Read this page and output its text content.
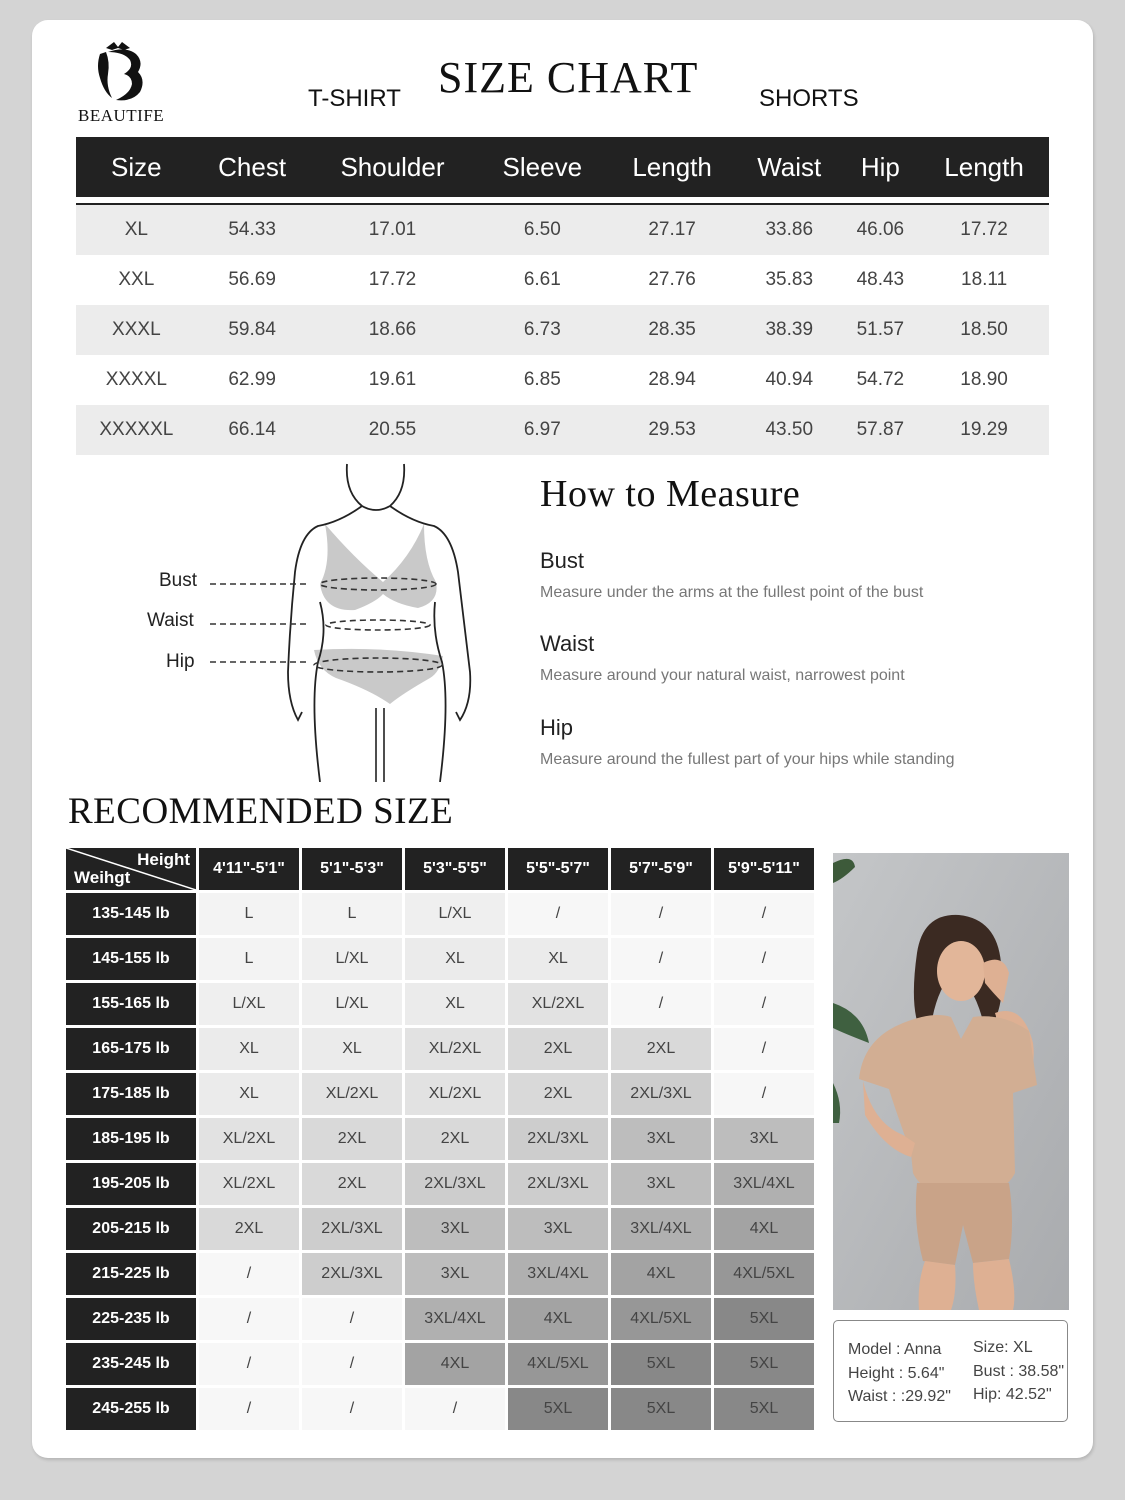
BEAUTIFE
SIZE CHART
T-SHIRT	SHORTS
Size	Chest	Shoulder	Sleeve	Length	Waist	Hip	Length

XL	54.33	17.01	6.50	27.17	33.86	46.06	17.72
XXL	56.69	17.72	6.61	27.76	35.83	48.43	18.11
XXXL	59.84	18.66	6.73	28.35	38.39	51.57	18.50
XXXXL	62.99	19.61	6.85	28.94	40.94	54.72	18.90
XXXXXL	66.14	20.55	6.97	29.53	43.50	57.87	19.29
Bust
Waist
Hip
How to Measure
Bust
Measure under the arms at the fullest point of the bust
Waist
Measure around your natural waist, narrowest point
Hip
Measure around the fullest part of your hips while standing
RECOMMENDED SIZE
Height
Weihgt	4'11"-5'1"	5'1"-5'3"	5'3"-5'5"	5'5"-5'7"	5'7"-5'9"	5'9"-5'11"
135-145 lb	L	L	L/XL	/	/	/
145-155 lb	L	L/XL	XL	XL	/	/
155-165 lb	L/XL	L/XL	XL	XL/2XL	/	/
165-175 lb	XL	XL	XL/2XL	2XL	2XL	/
175-185 lb	XL	XL/2XL	XL/2XL	2XL	2XL/3XL	/
185-195 lb	XL/2XL	2XL	2XL	2XL/3XL	3XL	3XL
195-205 lb	XL/2XL	2XL	2XL/3XL	2XL/3XL	3XL	3XL/4XL
205-215 lb	2XL	2XL/3XL	3XL	3XL	3XL/4XL	4XL
215-225 lb	/	2XL/3XL	3XL	3XL/4XL	4XL	4XL/5XL
225-235 lb	/	/	3XL/4XL	4XL	4XL/5XL	5XL
235-245 lb	/	/	4XL	4XL/5XL	5XL	5XL
245-255 lb	/	/	/	5XL	5XL	5XL
Model : Anna
Height : 5.64"
Waist : :29.92"
Size: XL
Bust : 38.58"
Hip: 42.52"
